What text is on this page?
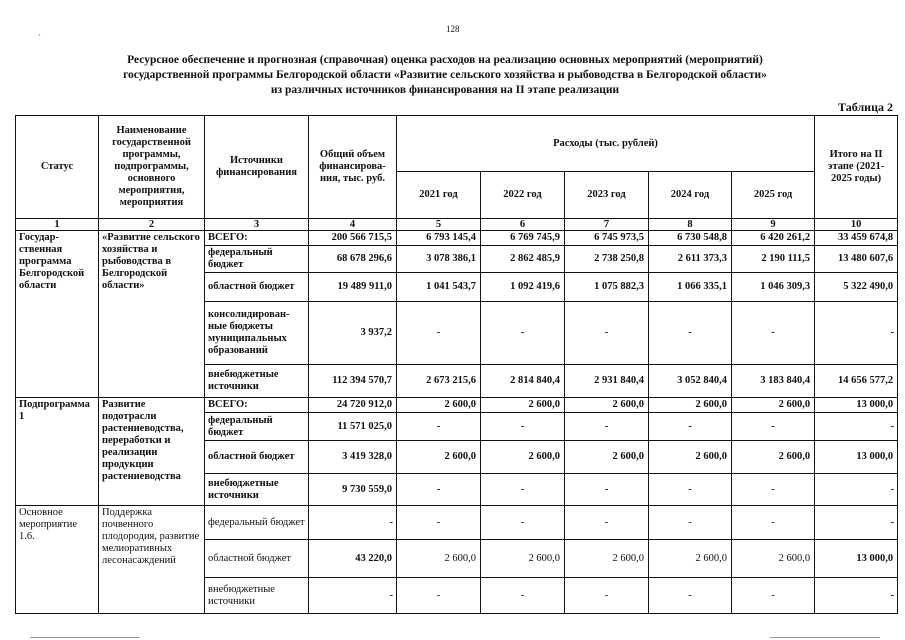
128
·
Ресурсное обеспечение и прогнозная (справочная) оценка расходов на реализацию основных мероприятий (мероприятий)
государственной программы Белгородской области «Развитие сельского хозяйства и рыбоводства в Белгородской области»
из различных источников финансирования на II этапе реализации
Таблица 2
Статус	Наименование государственной программы, подпрограммы, основного мероприятия, мероприятия	Источники финансирования	Общий объем финансирова-ния, тыс. руб.	Расходы (тыс. рублей)					Итого на II этапе (2021-2025 годы)
				2021 год	2022 год	2023 год	2024 год	2025 год	
1	2	3	4	5	6	7	8	9	10
Государ-ственная программа Белгородской области	«Развитие сельского хозяйства и рыбоводства в Белгородской области»	ВСЕГО:	200 566 715,5	6 793 145,4	6 769 745,9	6 745 973,5	6 730 548,8	6 420 261,2	33 459 674,8
		федеральный бюджет	68 678 296,6	3 078 386,1	2 862 485,9	2 738 250,8	2 611 373,3	2 190 111,5	13 480 607,6
		областной бюджет	19 489 911,0	1 041 543,7	1 092 419,6	1 075 882,3	1 066 335,1	1 046 309,3	5 322 490,0
		консолидирован-ные бюджеты муниципальных образований	3 937,2	-	-	-	-	-	-
		внебюджетные источники	112 394 570,7	2 673 215,6	2 814 840,4	2 931 840,4	3 052 840,4	3 183 840,4	14 656 577,2
Подпрограмма 1	Развитие подотрасли растениеводства, переработки и реализации продукции растениеводства	ВСЕГО:	24 720 912,0	2 600,0	2 600,0	2 600,0	2 600,0	2 600,0	13 000,0
		федеральный бюджет	11 571 025,0	-	-	-	-	-	-
		областной бюджет	3 419 328,0	2 600,0	2 600,0	2 600,0	2 600,0	2 600,0	13 000,0
		внебюджетные источники	9 730 559,0	-	-	-	-	-	-
Основное мероприятие 1.6.	Поддержка почвенного плодородия, развитие мелиоративных лесонасаждений	федеральный бюджет	-	-	-	-	-	-	-
		областной бюджет	43 220,0	2 600,0	2 600,0	2 600,0	2 600,0	2 600,0	13 000,0
		внебюджетные источники	-	-	-	-	-	-	-
